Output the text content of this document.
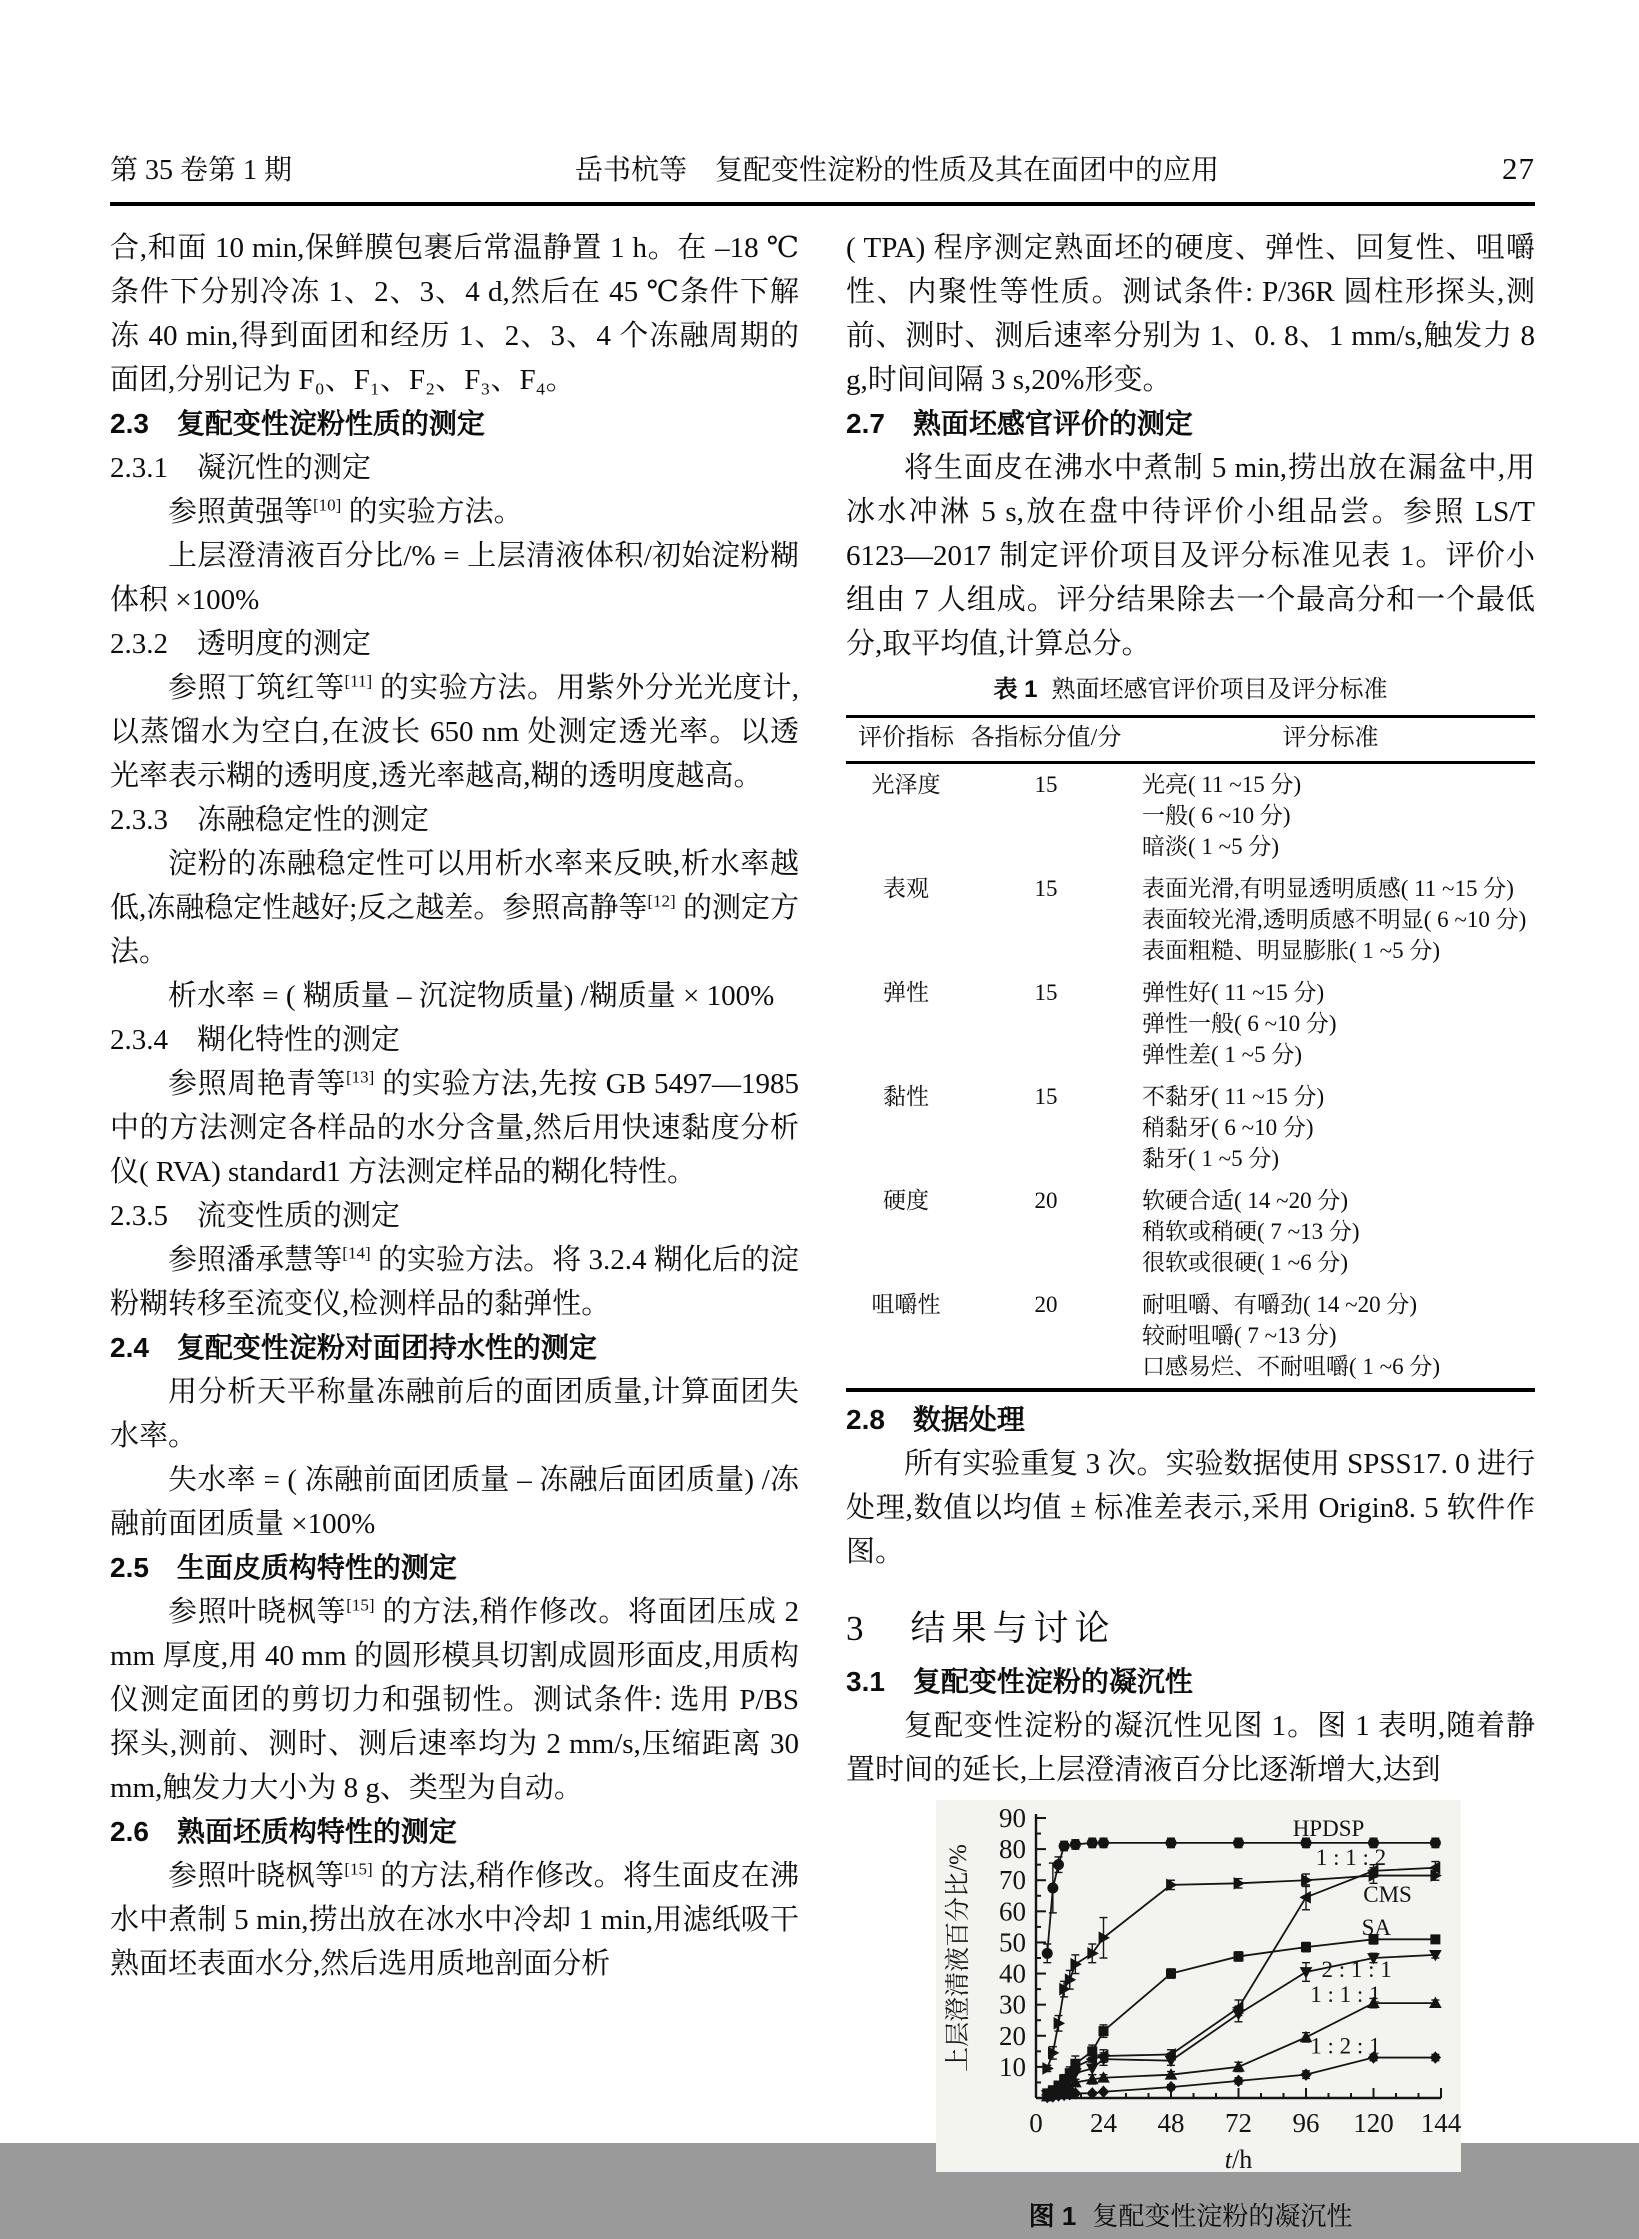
第 35 卷第 1 期	岳书杭等　复配变性淀粉的性质及其在面团中的应用	27

合,和面 10 min,保鲜膜包裹后常温静置 1 h。在 –18 ℃条件下分别冷冻 1、2、3、4 d,然后在 45 ℃条件下解冻 40 min,得到面团和经历 1、2、3、4 个冻融周期的面团,分别记为 F₀、F₁、F₂、F₃、F₄。

2.3　复配变性淀粉性质的测定
2.3.1　凝沉性的测定

参照黄强等[10] 的实验方法。

上层澄清液百分比/% = 上层清液体积/初始淀粉糊体积 ×100%

2.3.2　透明度的测定

参照丁筑红等[11] 的实验方法。用紫外分光光度计,以蒸馏水为空白,在波长 650 nm 处测定透光率。以透光率表示糊的透明度,透光率越高,糊的透明度越高。

2.3.3　冻融稳定性的测定

淀粉的冻融稳定性可以用析水率来反映,析水率越低,冻融稳定性越好;反之越差。参照高静等[12] 的测定方法。

析水率 = ( 糊质量 – 沉淀物质量) /糊质量 × 100%

2.3.4　糊化特性的测定

参照周艳青等[13] 的实验方法,先按 GB 5497—1985 中的方法测定各样品的水分含量,然后用快速黏度分析仪( RVA) standard1 方法测定样品的糊化特性。

2.3.5　流变性质的测定

参照潘承慧等[14] 的实验方法。将 3.2.4 糊化后的淀粉糊转移至流变仪,检测样品的黏弹性。

2.4　复配变性淀粉对面团持水性的测定

用分析天平称量冻融前后的面团质量,计算面团失水率。

失水率 = ( 冻融前面团质量 – 冻融后面团质量) /冻融前面团质量 ×100%

2.5　生面皮质构特性的测定

参照叶晓枫等[15] 的方法,稍作修改。将面团压成 2 mm 厚度,用 40 mm 的圆形模具切割成圆形面皮,用质构仪测定面团的剪切力和强韧性。测试条件: 选用 P/BS 探头,测前、测时、测后速率均为 2 mm/s,压缩距离 30 mm,触发力大小为 8 g、类型为自动。

2.6　熟面坯质构特性的测定

参照叶晓枫等[15] 的方法,稍作修改。将生面皮在沸水中煮制 5 min,捞出放在冰水中冷却 1 min,用滤纸吸干熟面坯表面水分,然后选用质地剖面分析

( TPA) 程序测定熟面坯的硬度、弹性、回复性、咀嚼性、内聚性等性质。测试条件: P/36R 圆柱形探头,测前、测时、测后速率分别为 1、0. 8、1 mm/s,触发力 8 g,时间间隔 3 s,20%形变。

2.7　熟面坯感官评价的测定

将生面皮在沸水中煮制 5 min,捞出放在漏盆中,用冰水冲淋 5 s,放在盘中待评价小组品尝。参照 LS/T 6123—2017 制定评价项目及评分标准见表 1。评价小组由 7 人组成。评分结果除去一个最高分和一个最低分,取平均值,计算总分。

表 1 熟面坯感官评价项目及评分标准
评价指标	各指标分值/分	评分标准
光泽度	15	光亮( 11 ~15 分)
一般( 6 ~10 分)
暗淡( 1 ~5 分)

表观	15	表面光滑,有明显透明质感( 11 ~15 分)
表面较光滑,透明质感不明显( 6 ~10 分)
表面粗糙、明显膨胀( 1 ~5 分)

弹性	15	弹性好( 11 ~15 分)
弹性一般( 6 ~10 分)
弹性差( 1 ~5 分)

黏性	15	不黏牙( 11 ~15 分)
稍黏牙( 6 ~10 分)
黏牙( 1 ~5 分)

硬度	20	软硬合适( 14 ~20 分)
稍软或稍硬( 7 ~13 分)
很软或很硬( 1 ~6 分)

咀嚼性	20	耐咀嚼、有嚼劲( 14 ~20 分)
较耐咀嚼( 7 ~13 分)
口感易烂、不耐咀嚼( 1 ~6 分)
2.8　数据处理

所有实验重复 3 次。实验数据使用 SPSS17. 0 进行处理,数值以均值 ± 标准差表示,采用 Origin8. 5 软件作图。

3　结果与讨论
3.1　复配变性淀粉的凝沉性

复配变性淀粉的凝沉性见图 1。图 1 表明,随着静置时间的延长,上层澄清液百分比逐渐增大,达到

0 24 48 72 96 120 144
10
20
30
40
50
60
70
80
90
上层澄清液百分比/%
t/h
HPDSP
CMS
1 : 1 : 2
SA
2 : 1 : 1
1 : 1 : 1
1 : 2 : 1
图 1 复配变性淀粉的凝沉性
